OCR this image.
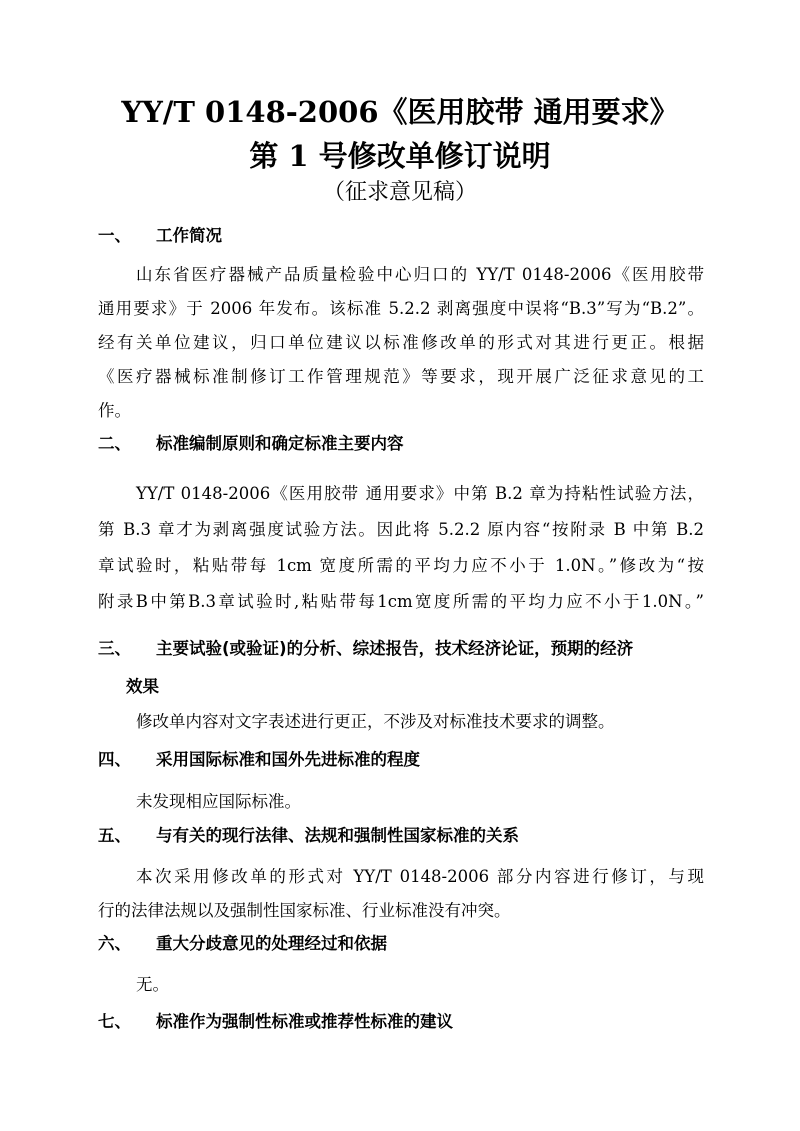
YY/T 0148-2006《医用胶带 通用要求》
第 1 号修改单修订说明
（征求意见稿）
一、 工作简况
山东省医疗器械产品质量检验中心归口的 YY/T 0148-2006《医用胶带
通用要求》于 2006 年发布。该标准 5.2.2 剥离强度中误将“B.3”写为“B.2”。
经有关单位建议，归口单位建议以标准修改单的形式对其进行更正。根据
《医疗器械标准制修订工作管理规范》等要求，现开展广泛征求意见的工
作。
二、 标准编制原则和确定标准主要内容
YY/T 0148-2006《医用胶带 通用要求》中第 B.2 章为持粘性试验方法，
第 B.3 章才为剥离强度试验方法。因此将 5.2.2 原内容“按附录 B 中第 B.2
章试验时，粘贴带每 1cm 宽度所需的平均力应不小于 1.0N。”修改为“按
附录B中第B.3章试验时,粘贴带每1cm宽度所需的平均力应不小于1.0N。”
三、 主要试验(或验证)的分析、综述报告，技术经济论证，预期的经济
效果
修改单内容对文字表述进行更正，不涉及对标准技术要求的调整。
四、 采用国际标准和国外先进标准的程度
未发现相应国际标准。
五、 与有关的现行法律、法规和强制性国家标准的关系
本次采用修改单的形式对 YY/T 0148-2006 部分内容进行修订，与现
行的法律法规以及强制性国家标准、行业标准没有冲突。
六、 重大分歧意见的处理经过和依据
无。
七、 标准作为强制性标准或推荐性标准的建议
